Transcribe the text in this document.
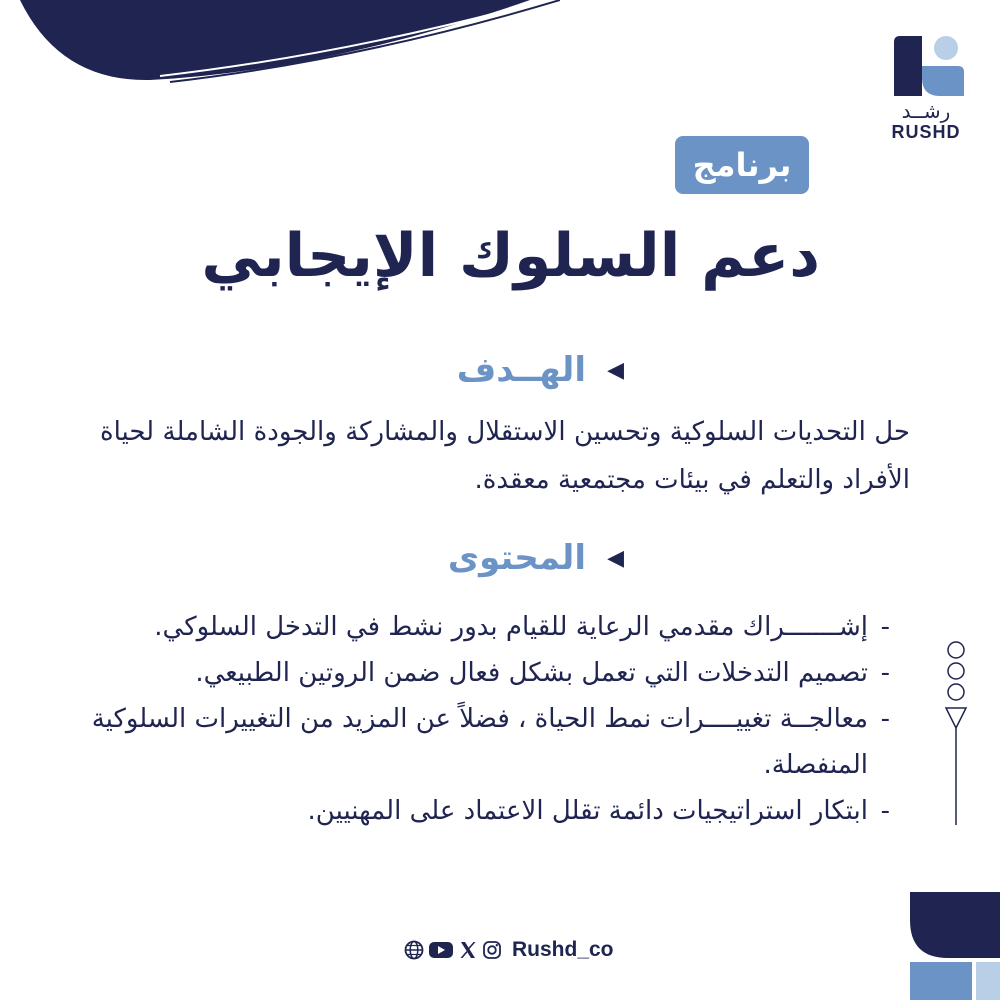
رشــد
RUSHD
برنامج
دعم السلوك الإيجابي
◀ الهــدف
حل التحديات السلوكية وتحسين الاستقلال والمشاركة والجودة الشاملة لحياة الأفراد والتعلم في بيئات مجتمعية معقدة.
◀ المحتوى
- إشـــــــراك مقدمي الرعاية للقيام بدور نشط في التدخل السلوكي.
- تصميم التدخلات التي تعمل بشكل فعال ضمن الروتين الطبيعي.
- معالجــة تغييــــرات نمط الحياة ، فضلاً عن المزيد من التغييرات السلوكية المنفصلة.
- ابتكار استراتيجيات دائمة تقلل الاعتماد على المهنيين.
Rushd_co
